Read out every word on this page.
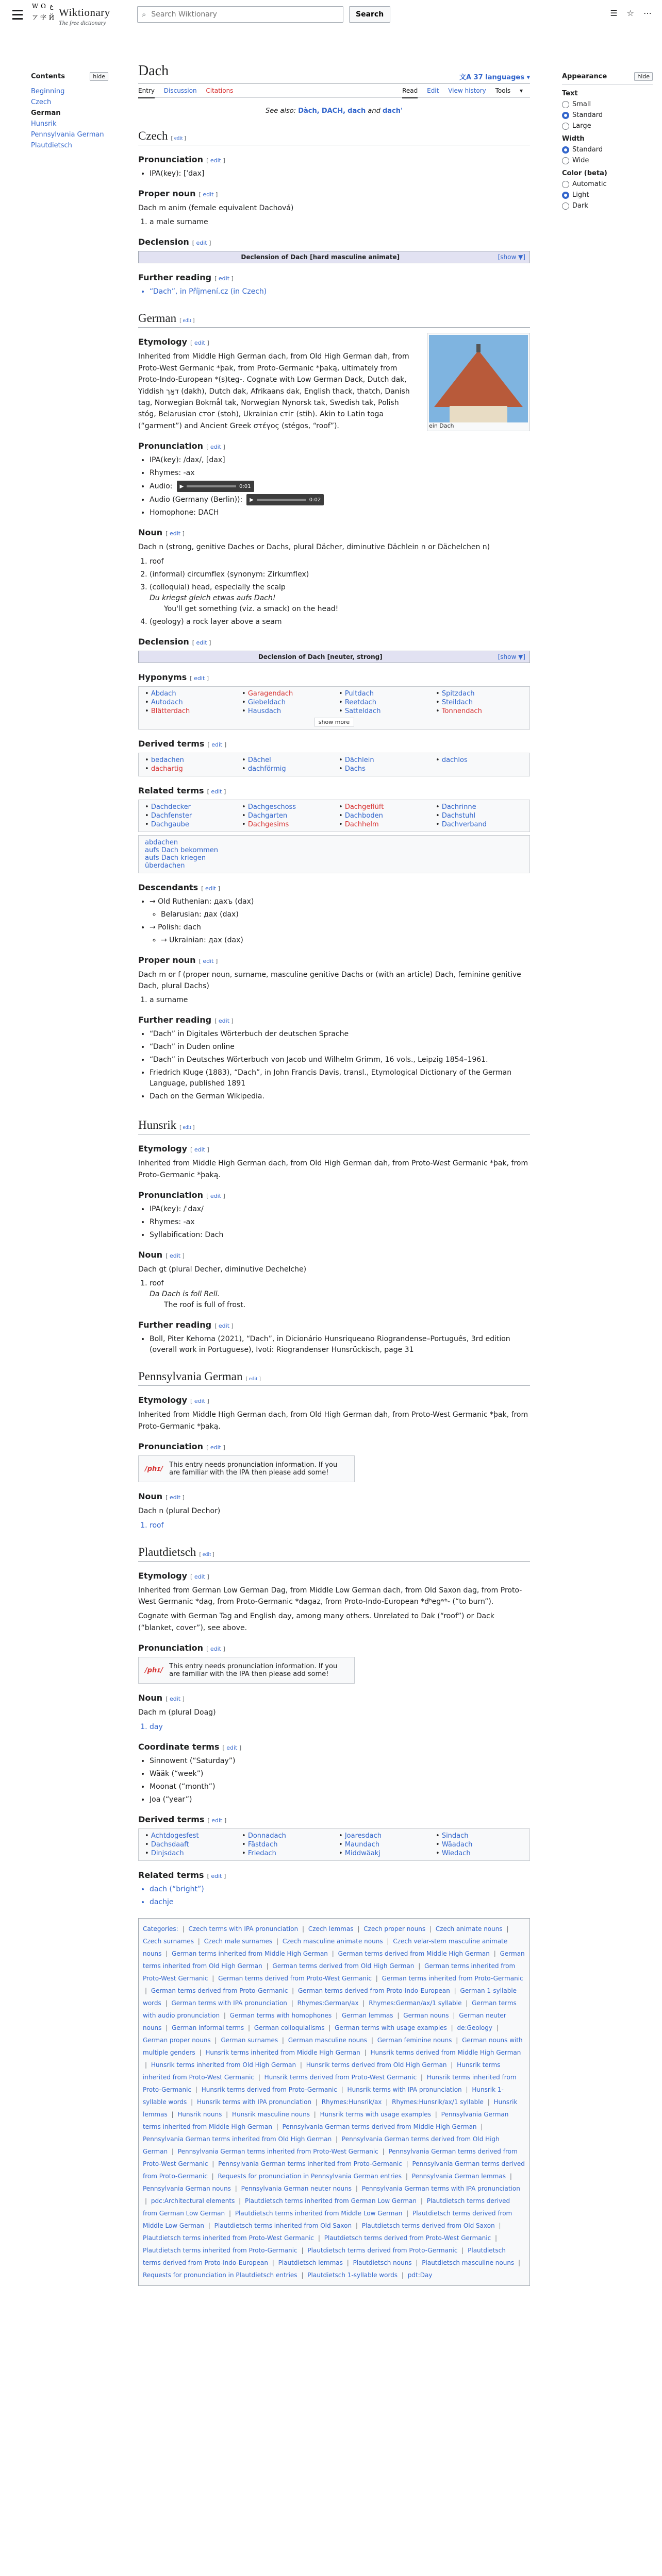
W Ω ع
ア 字 Й Wiktionary
The free dictionary
⌕
Search Wiktionary	Search	☰ ☆ ⋯
Contents	hide
Beginning
Czech
German
Hunsrik
Pennsylvania German
Plautdietsch
Appearance	hide
Text
Small
Standard
Large
Width
Standard
Wide
Color (beta)
Automatic
Light
Dark
Dach	文A 37 languages ▾
Entry Discussion Citations	Read Edit View history Tools ▾
See also: Dàch, DACH, dach and dach'
Czech [ edit ]
Pronunciation [ edit ]
• IPA(key): [ˈdax]
Proper noun [ edit ]

Dach m anim (female equivalent Dachová)

1. a male surname
Declension [ edit ]
Declension of Dach [hard masculine animate]	[show ▼]
Further reading [ edit ]
• “Dach”, in Příjmení.cz (in Czech)
German [ edit ]
ein Dach
Etymology [ edit ]

Inherited from Middle High German dach, from Old High German dah, from Proto-West Germanic *þak, from Proto-Germanic *þaką, ultimately from Proto-Indo-European *(s)teg-. Cognate with Low German Dack, Dutch dak, Yiddish דאַך (dakh), Dutch dak, Afrikaans dak, English thack, thatch, Danish tag, Norwegian Bokmål tak, Norwegian Nynorsk tak, Swedish tak, Polish stóg, Belarusian стог (stoh), Ukrainian стіг (stih). Akin to Latin toga (“garment”) and Ancient Greek στέγος (stégos, “roof”).

Pronunciation [ edit ]
• IPA(key): /dax/, [dax]
• Rhymes: -ax
• Audio: ▶	0:01
• Audio (Germany (Berlin)): ▶	0:02
• Homophone: DACH
Noun [ edit ]

Dach n (strong, genitive Daches or Dachs, plural Dächer, diminutive Dächlein n or Dächelchen n)

1. roof
2. (informal) circumflex (synonym: Zirkumflex)
3. (colloquial) head, especially the scalp
Du kriegst gleich etwas aufs Dach!
You'll get something (viz. a smack) on the head!
4. (geology) a rock layer above a seam
Declension [ edit ]
Declension of Dach [neuter, strong]	[show ▼]
Hyponyms [ edit ]
• Abdach	• Garagendach	• Pultdach	• Spitzdach
• Autodach	• Giebeldach	• Reetdach	• Steildach
• Blätterdach	• Hausdach	• Satteldach	• Tonnendach
show more
Derived terms [ edit ]
• bedachen	• Dächel	• Dächlein	• dachlos
• dachartig	• dachförmig	• Dachs
Related terms [ edit ]
• Dachdecker	• Dachgeschoss	• Dachgeflüft	• Dachrinne
• Dachfenster	• Dachgarten	• Dachboden	• Dachstuhl
• Dachgaube	• Dachgesims	• Dachhelm	• Dachverband
abdachen
aufs Dach bekommen
aufs Dach kriegen
überdachen
Descendants [ edit ]
• → Old Ruthenian: дахъ (dax)
◦ Belarusian: дах (dax)
• → Polish: dach
◦ → Ukrainian: дах (dax)
Proper noun [ edit ]

Dach m or f (proper noun, surname, masculine genitive Dachs or (with an article) Dach, feminine genitive Dach, plural Dachs)

1. a surname
Further reading [ edit ]
• “Dach” in Digitales Wörterbuch der deutschen Sprache
• “Dach” in Duden online
• “Dach” in Deutsches Wörterbuch von Jacob und Wilhelm Grimm, 16 vols., Leipzig 1854–1961.
• Friedrich Kluge (1883), “Dach”, in John Francis Davis, transl., Etymological Dictionary of the German Language, published 1891
• Dach on the German Wikipedia.
Hunsrik [ edit ]
Etymology [ edit ]

Inherited from Middle High German dach, from Old High German dah, from Proto-West Germanic *þak, from Proto-Germanic *þaką.

Pronunciation [ edit ]
• IPA(key): /ˈdax/
• Rhymes: -ax
• Syllabification: Dach
Noun [ edit ]

Dach gt (plural Decher, diminutive Dechelche)

1. roof
Da Dach is foll Rell.
The roof is full of frost.
Further reading [ edit ]
• Boll, Piter Kehoma (2021), “Dach”, in Dicionário Hunsriqueano Riograndense–Português, 3rd edition (overall work in Portuguese), Ivoti: Riograndenser Hunsrückisch, page 31
Pennsylvania German [ edit ]
Etymology [ edit ]

Inherited from Middle High German dach, from Old High German dah, from Proto-West Germanic *þak, from Proto-Germanic *þaką.

Pronunciation [ edit ]
/phɪ/ This entry needs pronunciation information. If you are familiar with the IPA then please add some!
Noun [ edit ]

Dach n (plural Dechor)

1. roof
Plautdietsch [ edit ]
Etymology [ edit ]

Inherited from German Low German Dag, from Middle Low German dach, from Old Saxon dag, from Proto-West Germanic *dag, from Proto-Germanic *dagaz, from Proto-Indo-European *dʰegʷʰ- (“to burn”).

Cognate with German Tag and English day, among many others. Unrelated to Dak (“roof”) or Dack (“blanket, cover”), see above.

Pronunciation [ edit ]
/phɪ/ This entry needs pronunciation information. If you are familiar with the IPA then please add some!
Noun [ edit ]

Dach m (plural Doag)

1. day
Coordinate terms [ edit ]
• Sinnowent (“Saturday”)
• Wääk (“week”)
• Moonat (“month”)
• Joa (“year”)
Derived terms [ edit ]
• Achtdogesfest	• Donnadach	• Joaresdach	• Sindach
• Dachsdaaft	• Fästdach	• Maundach	• Wäadach
• Dinjsdach	• Friedach	• Middwäakj	• Wiedach
Related terms [ edit ]
• dach (“bright”)
• dachje
Categories: | Czech terms with IPA pronunciation | Czech lemmas | Czech proper nouns | Czech animate nouns | Czech surnames | Czech male surnames | Czech masculine animate nouns | Czech velar-stem masculine animate nouns | German terms inherited from Middle High German | German terms derived from Middle High German | German terms inherited from Old High German | German terms derived from Old High German | German terms inherited from Proto-West Germanic | German terms derived from Proto-West Germanic | German terms inherited from Proto-Germanic | German terms derived from Proto-Germanic | German terms derived from Proto-Indo-European | German 1-syllable words | German terms with IPA pronunciation | Rhymes:German/ax | Rhymes:German/ax/1 syllable | German terms with audio pronunciation | German terms with homophones | German lemmas | German nouns | German neuter nouns | German informal terms | German colloquialisms | German terms with usage examples | de:Geology | German proper nouns | German surnames | German masculine nouns | German feminine nouns | German nouns with multiple genders | Hunsrik terms inherited from Middle High German | Hunsrik terms derived from Middle High German | Hunsrik terms inherited from Old High German | Hunsrik terms derived from Old High German | Hunsrik terms inherited from Proto-West Germanic | Hunsrik terms derived from Proto-West Germanic | Hunsrik terms inherited from Proto-Germanic | Hunsrik terms derived from Proto-Germanic | Hunsrik terms with IPA pronunciation | Hunsrik 1-syllable words | Hunsrik terms with IPA pronunciation | Rhymes:Hunsrik/ax | Rhymes:Hunsrik/ax/1 syllable | Hunsrik lemmas | Hunsrik nouns | Hunsrik masculine nouns | Hunsrik terms with usage examples | Pennsylvania German terms inherited from Middle High German | Pennsylvania German terms derived from Middle High German | Pennsylvania German terms inherited from Old High German | Pennsylvania German terms derived from Old High German | Pennsylvania German terms inherited from Proto-West Germanic | Pennsylvania German terms derived from Proto-West Germanic | Pennsylvania German terms inherited from Proto-Germanic | Pennsylvania German terms derived from Proto-Germanic | Requests for pronunciation in Pennsylvania German entries | Pennsylvania German lemmas | Pennsylvania German nouns | Pennsylvania German neuter nouns | Pennsylvania German terms with IPA pronunciation | pdc:Architectural elements | Plautdietsch terms inherited from German Low German | Plautdietsch terms derived from German Low German | Plautdietsch terms inherited from Middle Low German | Plautdietsch terms derived from Middle Low German | Plautdietsch terms inherited from Old Saxon | Plautdietsch terms derived from Old Saxon | Plautdietsch terms inherited from Proto-West Germanic | Plautdietsch terms derived from Proto-West Germanic | Plautdietsch terms inherited from Proto-Germanic | Plautdietsch terms derived from Proto-Germanic | Plautdietsch terms derived from Proto-Indo-European | Plautdietsch lemmas | Plautdietsch nouns | Plautdietsch masculine nouns | Requests for pronunciation in Plautdietsch entries | Plautdietsch 1-syllable words | pdt:Day
